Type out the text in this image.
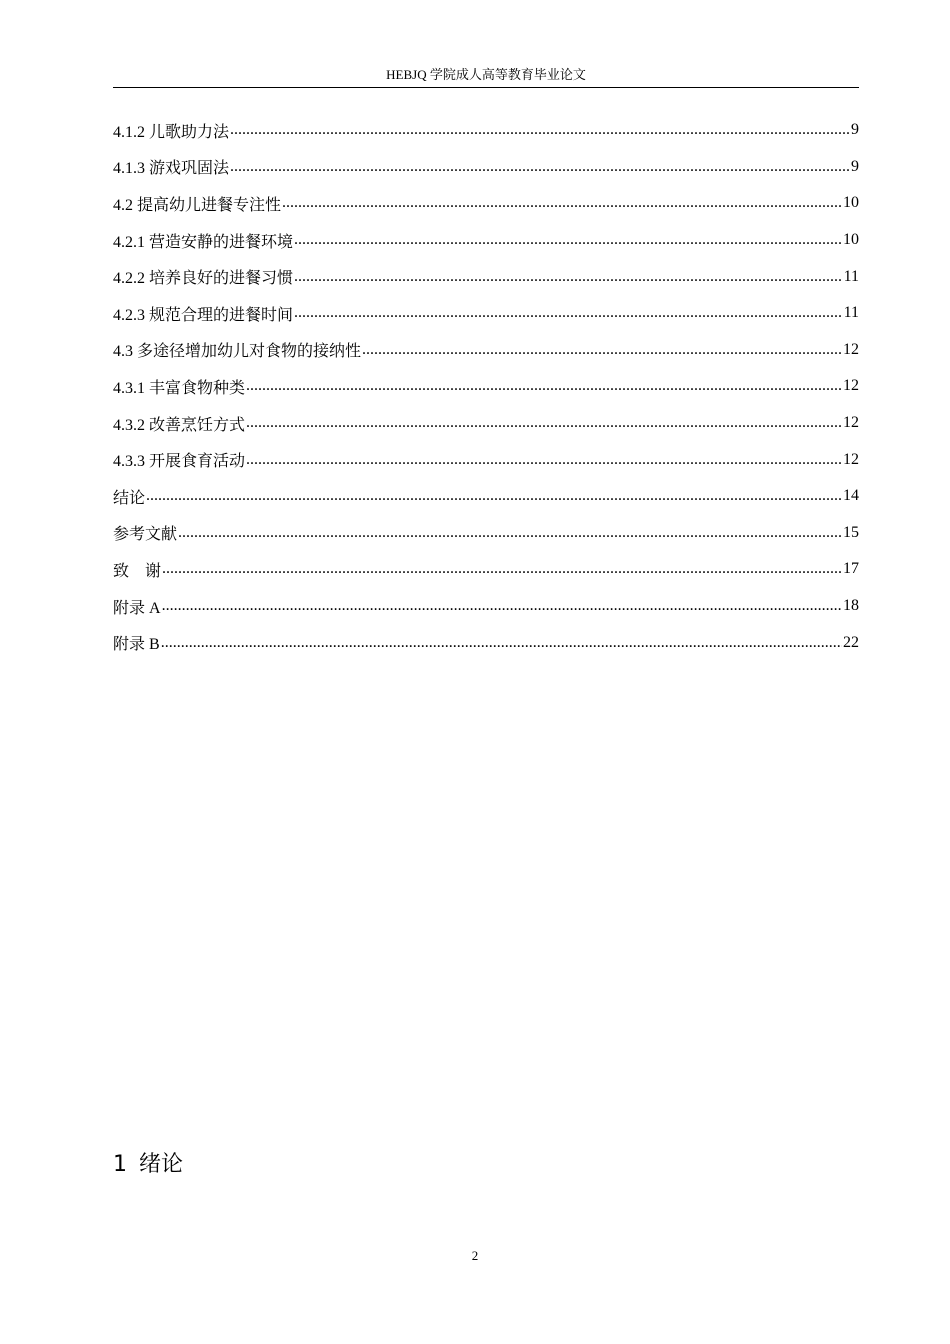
HEBJQ 学院成人高等教育毕业论文
4.1.2 儿歌助力法 .....	9
4.1.3 游戏巩固法 .....	9
4.2 提高幼儿进餐专注性 .....	10
4.2.1 营造安静的进餐环境 .....	10
4.2.2 培养良好的进餐习惯 .....	11
4.2.3 规范合理的进餐时间 .....	11
4.3 多途径增加幼儿对食物的接纳性 .....	12
4.3.1 丰富食物种类 .....	12
4.3.2 改善烹饪方式 .....	12
4.3.3 开展食育活动 .....	12
结论 .....	14
参考文献 .....	15
致　谢 .....	17
附录 A .....	18
附录 B .....	22
1 绪论
2
